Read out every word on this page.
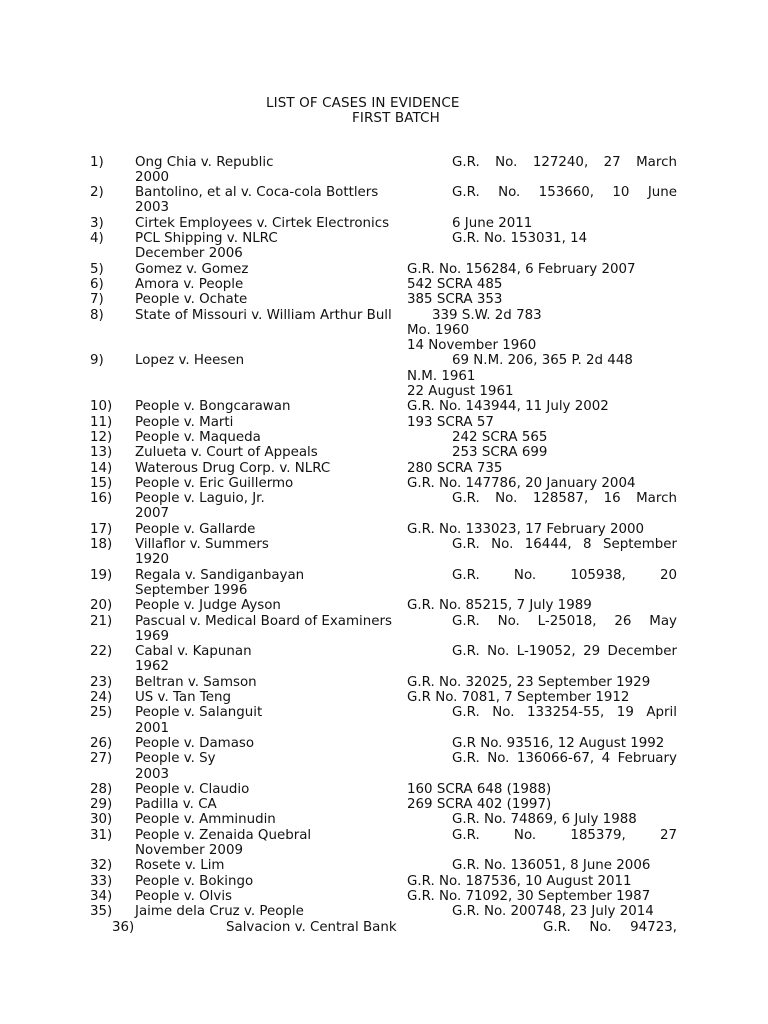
LIST OF CASES IN EVIDENCE
FIRST BATCH
1) Ong Chia v. Republic	G.R. No. 127240, 27 March
2000
2) Bantolino, et al v. Coca-cola Bottlers	G.R. No. 153660, 10 June
2003
3) Cirtek Employees v. Cirtek Electronics	6 June 2011
4) PCL Shipping v. NLRC	G.R. No. 153031, 14
December 2006
5) Gomez v. Gomez	G.R. No. 156284, 6 February 2007
6) Amora v. People	542 SCRA 485
7) People v. Ochate	385 SCRA 353
8) State of Missouri v. William Arthur Bull	339 S.W. 2d 783
Mo. 1960
14 November 1960
9) Lopez v. Heesen	69 N.M. 206, 365 P. 2d 448
N.M. 1961
22 August 1961
10) People v. Bongcarawan	G.R. No. 143944, 11 July 2002
11) People v. Marti	193 SCRA 57
12) People v. Maqueda	242 SCRA 565
13) Zulueta v. Court of Appeals	253 SCRA 699
14) Waterous Drug Corp. v. NLRC	280 SCRA 735
15) People v. Eric Guillermo	G.R. No. 147786, 20 January 2004
16) People v. Laguio, Jr.	G.R. No. 128587, 16 March
2007
17) People v. Gallarde	G.R. No. 133023, 17 February 2000
18) Villaflor v. Summers	G.R. No. 16444, 8 September
1920
19) Regala v. Sandiganbayan	G.R.	No.	105938,	20
September 1996
20) People v. Judge Ayson	G.R. No. 85215, 7 July 1989
21) Pascual v. Medical Board of Examiners	G.R. No. L-25018, 26 May
1969
22) Cabal v. Kapunan	G.R. No. L-19052, 29 December
1962
23) Beltran v. Samson	G.R. No. 32025, 23 September 1929
24) US v. Tan Teng	G.R No. 7081, 7 September 1912
25) People v. Salanguit	G.R. No. 133254-55, 19 April
2001
26) People v. Damaso	G.R No. 93516, 12 August 1992
27) People v. Sy	G.R. No. 136066-67, 4 February
2003
28) People v. Claudio	160 SCRA 648 (1988)
29) Padilla v. CA	269 SCRA 402 (1997)
30) People v. Amminudin	G.R. No. 74869, 6 July 1988
31) People v. Zenaida Quebral	G.R.	No.	185379,	27
November 2009
32) Rosete v. Lim	G.R. No. 136051, 8 June 2006
33) People v. Bokingo	G.R. No. 187536, 10 August 2011
34) People v. Olvis	G.R. No. 71092, 30 September 1987
35) Jaime dela Cruz v. People	G.R. No. 200748, 23 July 2014
36)	Salvacion v. Central Bank	G.R. No. 94723,
